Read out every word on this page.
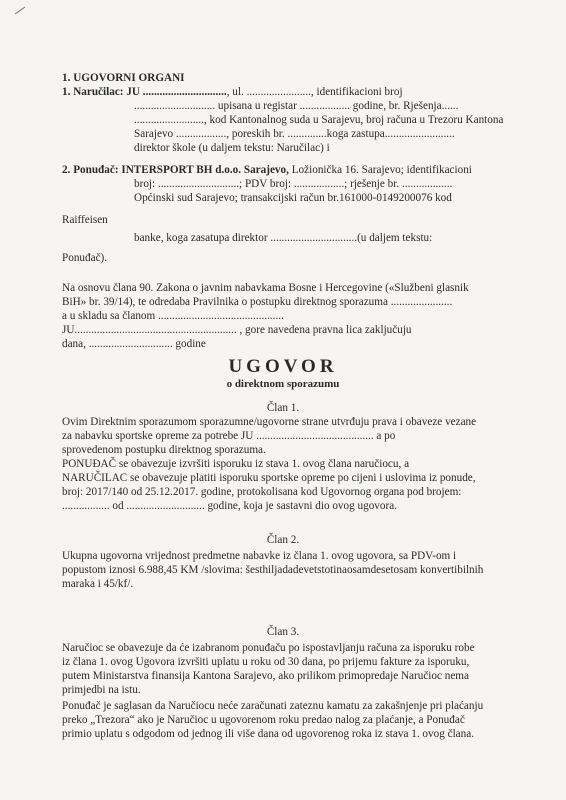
1. UGOVORNI ORGANI
1. Naručilac: JU .............................., ul. ......................., identifikacioni broj
............................. upisana u registar .................. godine, br. Rješenja......
........................., kod Kantonalnog suda u Sarajevu, broj računa u Trezoru Kantona
Sarajevo .................., poreskih br. ..............koga zastupa.........................
direktor škole (u daljem tekstu: Naručilac) i
2. Ponuđač: INTERSPORT BH d.o.o. Sarajevo, Ložionička 16. Sarajevo; identifikacioni
broj: .............................; PDV broj: ..................; rješenje br. ..................
Općinski sud Sarajevo; transakcijski račun br.161000-0149200076 kod
Raiffeisen
banke, koga zasatupa direktor ...............................(u daljem tekstu:
Ponuđač).
Na osnovu člana 90. Zakona o javnim nabavkama Bosne i Hercegovine («Službeni glasnik
BiH» br. 39/14), te odredaba Pravilnika o postupku direktnog sporazuma ......................
a u skladu sa članom .............................................
JU.......................................................... , gore navedena pravna lica zaključuju
dana, .............................. godine
UGOVOR
o direktnom sporazumu
Član 1.
Ovim Direktnim sporazumom sporazumne/ugovorne strane utvrđuju prava i obaveze vezane
za nabavku sportske opreme za potrebe JU .......................................... a po
sprovedenom postupku direktnog sporazuma.
PONUĐAČ se obavezuje izvršiti isporuku iz stava 1. ovog člana naručiocu, a
NARUČILAC se obavezuje platiti isporuku sportske opreme po cijeni i uslovima iz ponude,
broj: 2017/140 od 25.12.2017. godine, protokolisana kod Ugovornog organa pod brojem:
................. od ............................ godine, koja je sastavni dio ovog ugovora.
Član 2.
Ukupna ugovorna vrijednost predmetne nabavke iz člana 1. ovog ugovora, sa PDV-om i
popustom iznosi 6.988,45 KM /slovima: šesthiljadadevetstotinaosamdesetosam konvertibilnih
maraka i 45/kf/.
Član 3.
Naručioc se obavezuje da će izabranom ponuđaču po ispostavljanju računa za isporuku robe
iz člana 1. ovog Ugovora izvršiti uplatu u roku od 30 dana, po prijemu fakture za isporuku,
putem Ministarstva finansija Kantona Sarajevo, ako prilikom primopredaje Naručioc nema
primjedbi na istu.
Ponuđač je saglasan da Naručiocu neće zaračunati zateznu kamatu za zakašnjenje pri plaćanju
preko „Trezora“ ako je Naručioc u ugovorenom roku predao nalog za plaćanje, a Ponuđač
primio uplatu s odgodom od jednog ili više dana od ugovorenog roka iz stava 1. ovog člana.
